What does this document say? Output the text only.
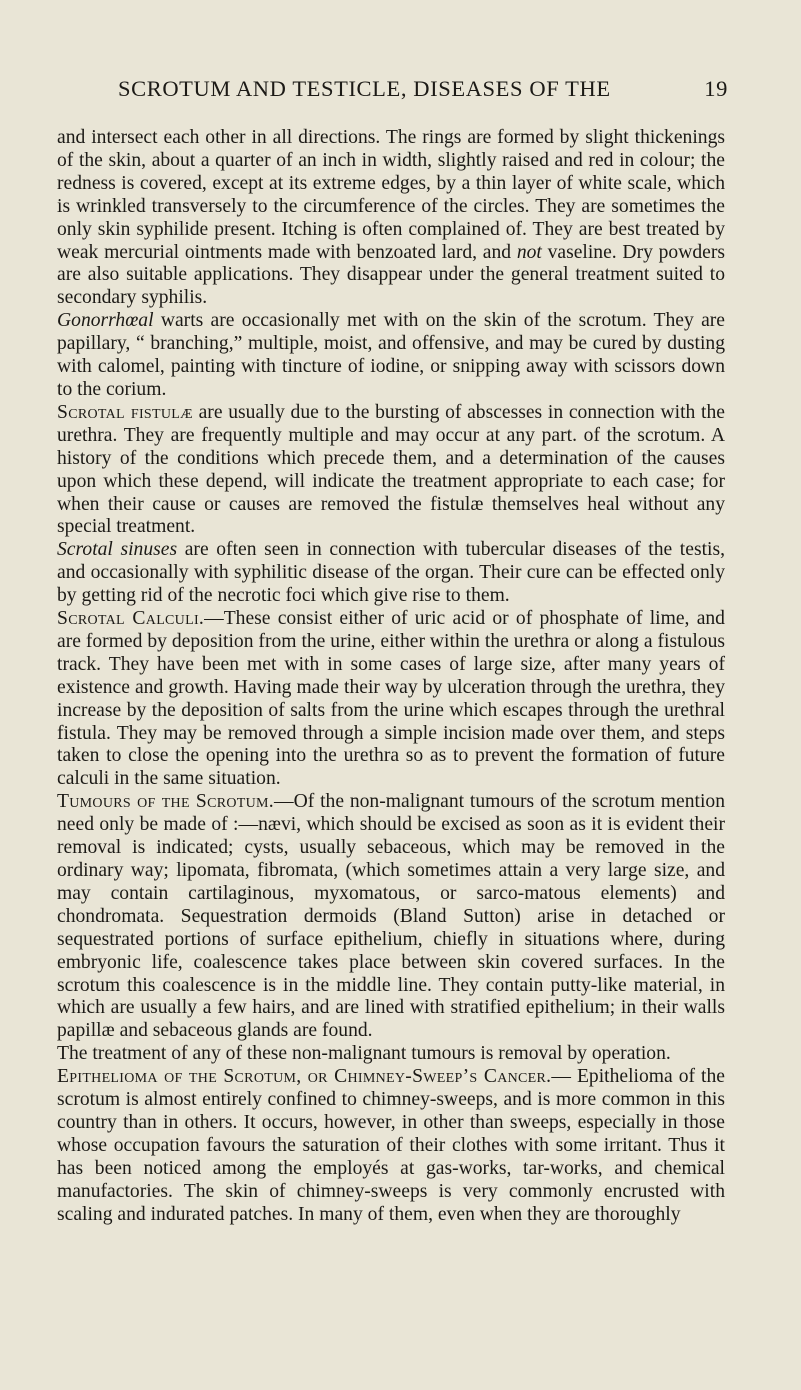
SCROTUM AND TESTICLE, DISEASES OF THE	19

and intersect each other in all directions. The rings are formed by slight thickenings of the skin, about a quarter of an inch in width, slightly raised and red in colour; the redness is covered, except at its extreme edges, by a thin layer of white scale, which is wrinkled transversely to the circumference of the circles. They are sometimes the only skin syphilide present. Itching is often complained of. They are best treated by weak mercurial ointments made with benzoated lard, and not vaseline. Dry powders are also suitable applications. They disappear under the general treatment suited to secondary syphilis.

Gonorrhœal warts are occasionally met with on the skin of the scrotum. They are papillary, “ branching,” multiple, moist, and offensive, and may be cured by dusting with calomel, painting with tincture of iodine, or snipping away with scissors down to the corium.

Scrotal fistulæ are usually due to the bursting of abscesses in connection with the urethra. They are frequently multiple and may occur at any part. of the scrotum. A history of the conditions which precede them, and a determination of the causes upon which these depend, will indicate the treatment appropriate to each case; for when their cause or causes are removed the fistulæ themselves heal without any special treatment.

Scrotal sinuses are often seen in connection with tubercular diseases of the testis, and occasionally with syphilitic disease of the organ. Their cure can be effected only by getting rid of the necrotic foci which give rise to them.

Scrotal Calculi.—These consist either of uric acid or of phosphate of lime, and are formed by deposition from the urine, either within the urethra or along a fistulous track. They have been met with in some cases of large size, after many years of existence and growth. Having made their way by ulceration through the urethra, they increase by the deposition of salts from the urine which escapes through the urethral fistula. They may be removed through a simple incision made over them, and steps taken to close the opening into the urethra so as to prevent the formation of future calculi in the same situation.

Tumours of the Scrotum.—Of the non-malignant tumours of the scrotum mention need only be made of :—nævi, which should be excised as soon as it is evident their removal is indicated; cysts, usually sebaceous, which may be removed in the ordinary way; lipomata, fibromata, (which sometimes attain a very large size, and may contain cartilaginous, myxomatous, or sarco-matous elements) and chondromata. Sequestration dermoids (Bland Sutton) arise in detached or sequestrated portions of surface epithelium, chiefly in situations where, during embryonic life, coalescence takes place between skin covered surfaces. In the scrotum this coalescence is in the middle line. They contain putty-like material, in which are usually a few hairs, and are lined with stratified epithelium; in their walls papillæ and sebaceous glands are found.

The treatment of any of these non-malignant tumours is removal by operation.

Epithelioma of the Scrotum, or Chimney-Sweep’s Cancer.— Epithelioma of the scrotum is almost entirely confined to chimney-sweeps, and is more common in this country than in others. It occurs, however, in other than sweeps, especially in those whose occupation favours the saturation of their clothes with some irritant. Thus it has been noticed among the employés at gas-works, tar-works, and chemical manufactories. The skin of chimney-sweeps is very commonly encrusted with scaling and indurated patches. In many of them, even when they are thoroughly
